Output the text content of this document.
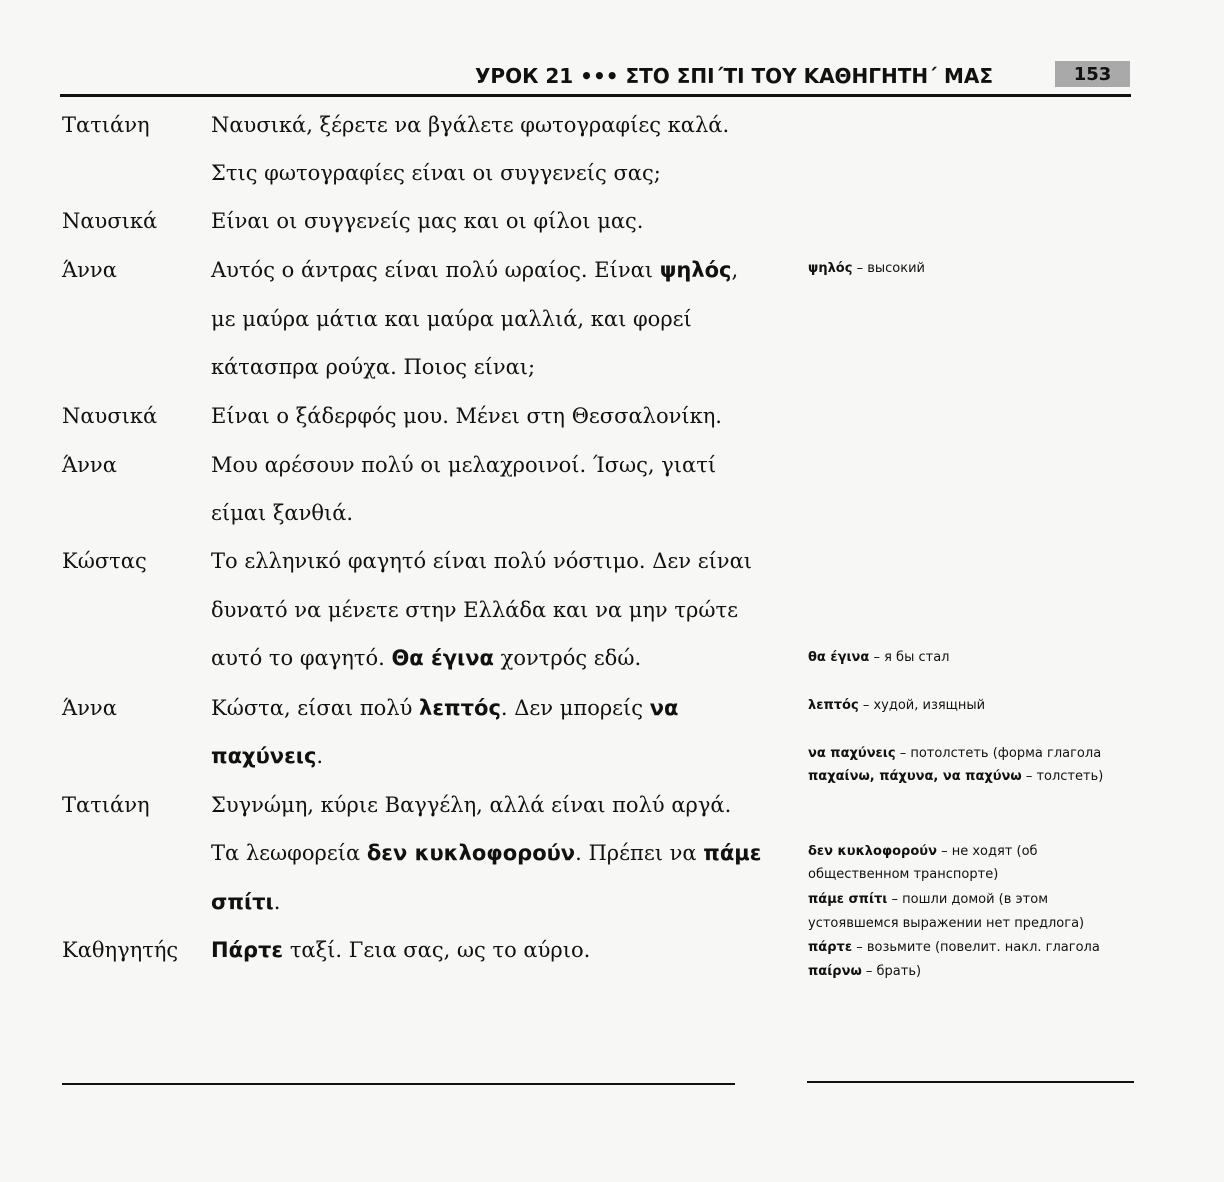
УРОК 21 ••• ΣΤΟ ΣΠΙ΄ΤΙ ΤΟΥ ΚΑΘΗΓΗΤΗ΄ ΜΑΣ	153
Τατιάνη
Ναυσικά
Άννα
Ναυσικά
Άννα
Κώστας
Άννα
Τατιάνη
Καθηγητής
Ναυσικά, ξέρετε να βγάλετε φωτογραφίες καλά.
Στις φωτογραφίες είναι οι συγγενείς σας;
Είναι οι συγγενείς μας και οι φίλοι μας.
Αυτός ο άντρας είναι πολύ ωραίος. Είναι ψηλός,
με μαύρα μάτια και μαύρα μαλλιά, και φορεί
κάτασπρα ρούχα. Ποιος είναι;
Είναι ο ξάδερφός μου. Μένει στη Θεσσαλονίκη.
Μου αρέσουν πολύ οι μελαχροινοί. Ίσως, γιατί
είμαι ξανθιά.
Το ελληνικό φαγητό είναι πολύ νόστιμο. Δεν είναι
δυνατό να μένετε στην Ελλάδα και να μην τρώτε
αυτό το φαγητό. Θα έγινα χοντρός εδώ.
Κώστα, είσαι πολύ λεπτός. Δεν μπορείς να
παχύνεις.
Συγνώμη, κύριε Βαγγέλη, αλλά είναι πολύ αργά.
Τα λεωφορεία δεν κυκλοφορούν. Πρέπει να πάμε
σπίτι.
Πάρτε ταξί. Γεια σας, ως το αύριο.
ψηλός – высокий
θα έγινα – я бы стал
λεπτός – худой, изящный
να παχύνεις – потолстеть (форма глагола
παχαίνω, πάχυνα, να παχύνω – толстеть)
δεν κυκλοφορούν – не ходят (об
общественном транспорте)
πάμε σπίτι – пошли домой (в этом
устоявшемся выражении нет предлога)
πάρτε – возьмите (повелит. накл. глагола
παίρνω – брать)
